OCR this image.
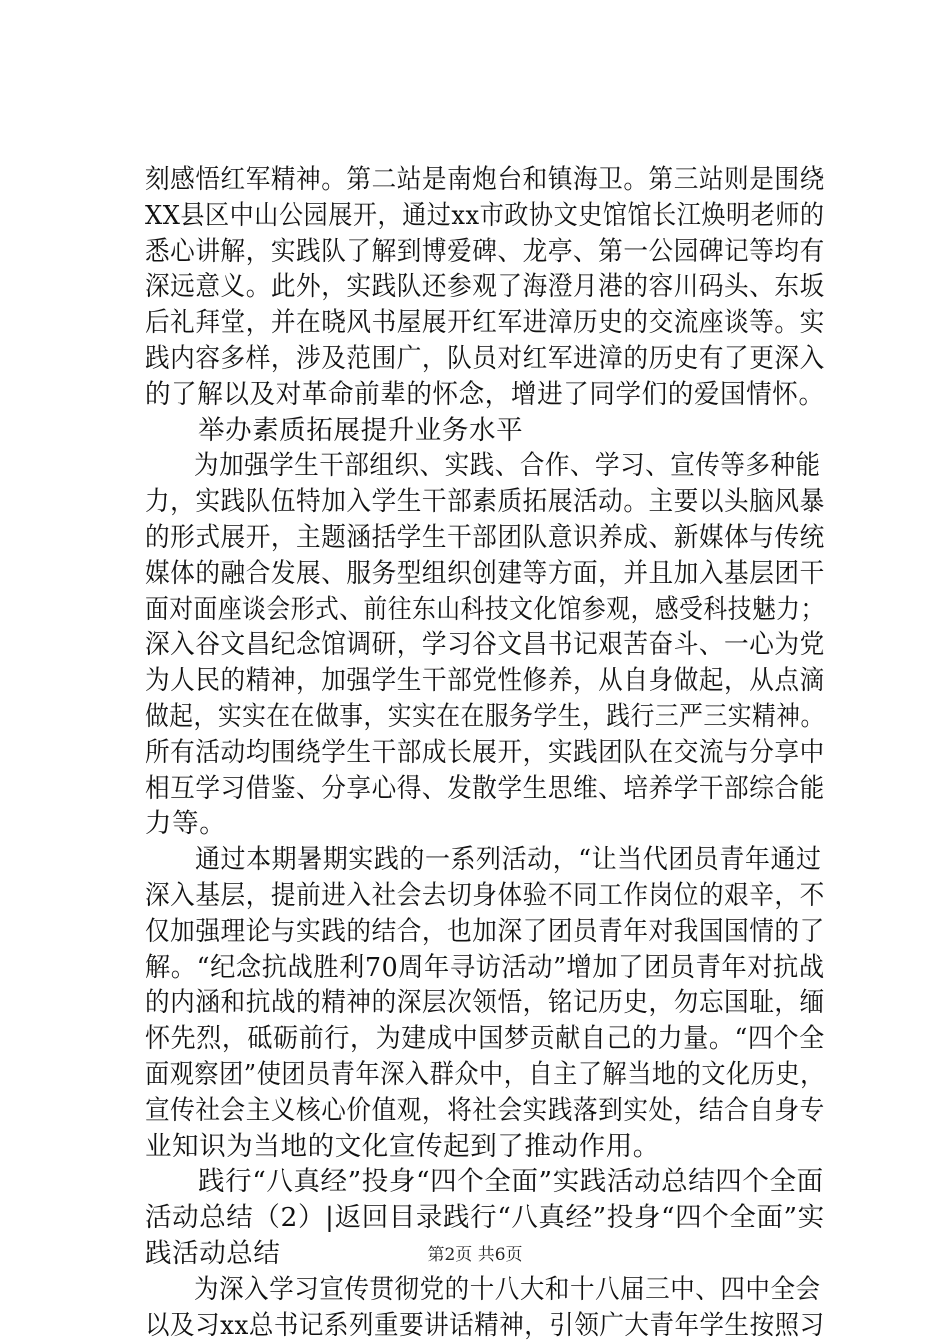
刻感悟红军精神。第二站是南炮台和镇海卫。第三站则是围绕
XX县区中山公园展开，通过xx市政协文史馆馆长江焕明老师的
悉心讲解，实践队了解到博爱碑、龙亭、第一公园碑记等均有
深远意义。此外，实践队还参观了海澄月港的容川码头、东坂
后礼拜堂，并在晓风书屋展开红军进漳历史的交流座谈等。实
践内容多样，涉及范围广，队员对红军进漳的历史有了更深入
的了解以及对革命前辈的怀念，增进了同学们的爱国情怀。
举办素质拓展提升业务水平
为加强学生干部组织、实践、合作、学习、宣传等多种能
力，实践队伍特加入学生干部素质拓展活动。主要以头脑风暴
的形式展开，主题涵括学生干部团队意识养成、新媒体与传统
媒体的融合发展、服务型组织创建等方面，并且加入基层团干
面对面座谈会形式、前往东山科技文化馆参观，感受科技魅力；
深入谷文昌纪念馆调研，学习谷文昌书记艰苦奋斗、一心为党
为人民的精神，加强学生干部党性修养，从自身做起，从点滴
做起，实实在在做事，实实在在服务学生，践行三严三实精神。
所有活动均围绕学生干部成长展开，实践团队在交流与分享中
相互学习借鉴、分享心得、发散学生思维、培养学干部综合能
力等。
通过本期暑期实践的一系列活动，“让当代团员青年通过
深入基层，提前进入社会去切身体验不同工作岗位的艰辛，不
仅加强理论与实践的结合，也加深了团员青年对我国国情的了
解。“纪念抗战胜利70周年寻访活动”增加了团员青年对抗战
的内涵和抗战的精神的深层次领悟，铭记历史，勿忘国耻，缅
怀先烈，砥砺前行，为建成中国梦贡献自己的力量。“四个全
面观察团”使团员青年深入群众中，自主了解当地的文化历史，
宣传社会主义核心价值观，将社会实践落到实处，结合自身专
业知识为当地的文化宣传起到了推动作用。
践行“八真经”投身“四个全面”实践活动总结四个全面
活动总结（2）|返回目录践行“八真经”投身“四个全面”实
践活动总结
为深入学习宣传贯彻党的十八大和十八届三中、四中全会
以及习xx总书记系列重要讲话精神，引领广大青年学生按照习
第2页 共6页
